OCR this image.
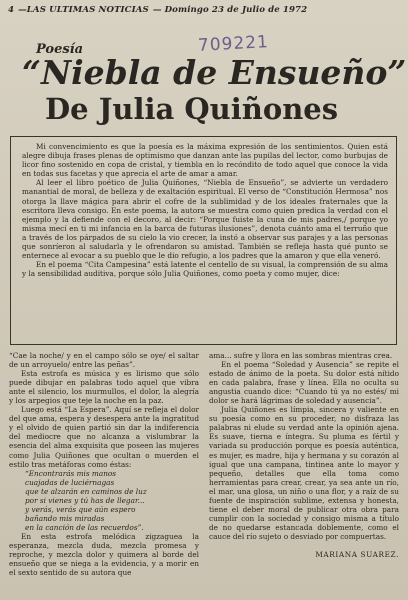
4 —LAS ULTIMAS NOTICIAS — Domingo 23 de Julio de 1972
709221
Poesía
“Niebla de Ensueño”
De Julia Quiñones

Mi convencimiento es que la poesía es la máxima expresión de los sentimientos. Quien está alegre dibuja frases plenas de optimismo que danzan ante las pupilas del lector, como burbujas de licor fino sostenido en copa de cristal, y tiembla en lo recóndito de todo aquel que conoce la vida en todas sus facetas y que aprecia el arte de amar a amar.

Al leer el libro poético de Julia Quiñones, “Niebla de Ensueño”, se advierte un verdadero manantial de moral, de belleza y de exaltación espiritual. El verso de “Constitución Hermosa” nos otorga la llave mágica para abrir el cofre de la sublimidad y de los ideales fraternales que la escritora lleva consigo. En este poema, la autora se muestra como quien predica la verdad con el ejemplo y la defiende con el decoro, al decir: “Porque fuiste la cuna de mis padres,/ porque yo misma mecí en ti mi infancia en la barca de futuras ilusiones”, denota cuánto ama el terruño que a través de los párpados de su cielo la vio crecer, la instó a observar sus parajes y a las personas que sonríeron al saludarla y le ofrendaron su amistad. También se refleja hasta qué punto se enternece al evocar a su pueblo que le dio refugio, a los padres que la amaron y que ella veneró.

En el poema “Cita Campesina” está latente el centello de su visual, la comprensión de su alma y la sensibilidad auditiva, porque sólo Julia Quiñones, como poeta y como mujer, dice:

“Cae la noche/ y en el campo sólo se oye/ el saltar de un arroyuelo/ entre las peñas”.

Esta estrofa es música y es lirismo que sólo puede dibujar en palabras todo aquel que vibra ante el silencio, los murmullos, el dolor, la alegría y los arpegios que teje la noche en la paz.

Luego está “La Espera”. Aquí se refleja el dolor del que ama, espera y desespera ante la ingratitud y el olvido de quien partió sin dar la indiferencia del mediocre que no alcanza a vislumbrar la esencia del alma exquisita que poseen las mujeres como Julia Quiñones que ocultan o muerden el estilo tras metáforas como éstas:

“Encontrarás mis manos
cuajadas de luciérnagas
que te alzarán en caminos de luz
por si vienes y tú has de llegar...
y verás, verás que aún espero
bañando mis miradas
en la canción de las recuerdos”.

En esta estrofa melódica zigzaguea la esperanza, mezcla duda, mezcla promesa y reproche, y mezcla dolor y quimera al borde del ensueño que se niega a la evidencia, y a morir en el sexto sentido de su autora que

ama... sufre y llora en las sombras mientras crea.

En el poema “Soledad y Ausencia” se repite el estado de ánimo de la poeta. Su dolor está nítido en cada palabra, frase y línea. Ella no oculta su angustia cuando dice: “Cuando tú ya no estés/ mi dolor se hará lágrimas de soledad y ausencia”.

Julia Quiñones es límpia, sincera y valiente en su poesía como en su proceder, no disfraza las palabras ni elude su verdad ante la opinión ajena. Es suave, tierna e íntegra. Su pluma es fértil y variada su producción porque es poesía auténtica, es mujer, es madre, hija y hermana y su corazón al igual que una campana, tintinea ante lo mayor y pequeño, detalles que ella toma como herramientas para crear, crear, ya sea ante un río, el mar, una glosa, un niño o una flor, y a raíz de su fuente de inspiración sublime, extensa y honesta, tiene el deber moral de publicar otra obra para cumplir con la sociedad y consigo misma a título de no quedarse estancada doblemente, como el cauce del río sujeto o desviado por compuertas.

MARIANA SUAREZ.
